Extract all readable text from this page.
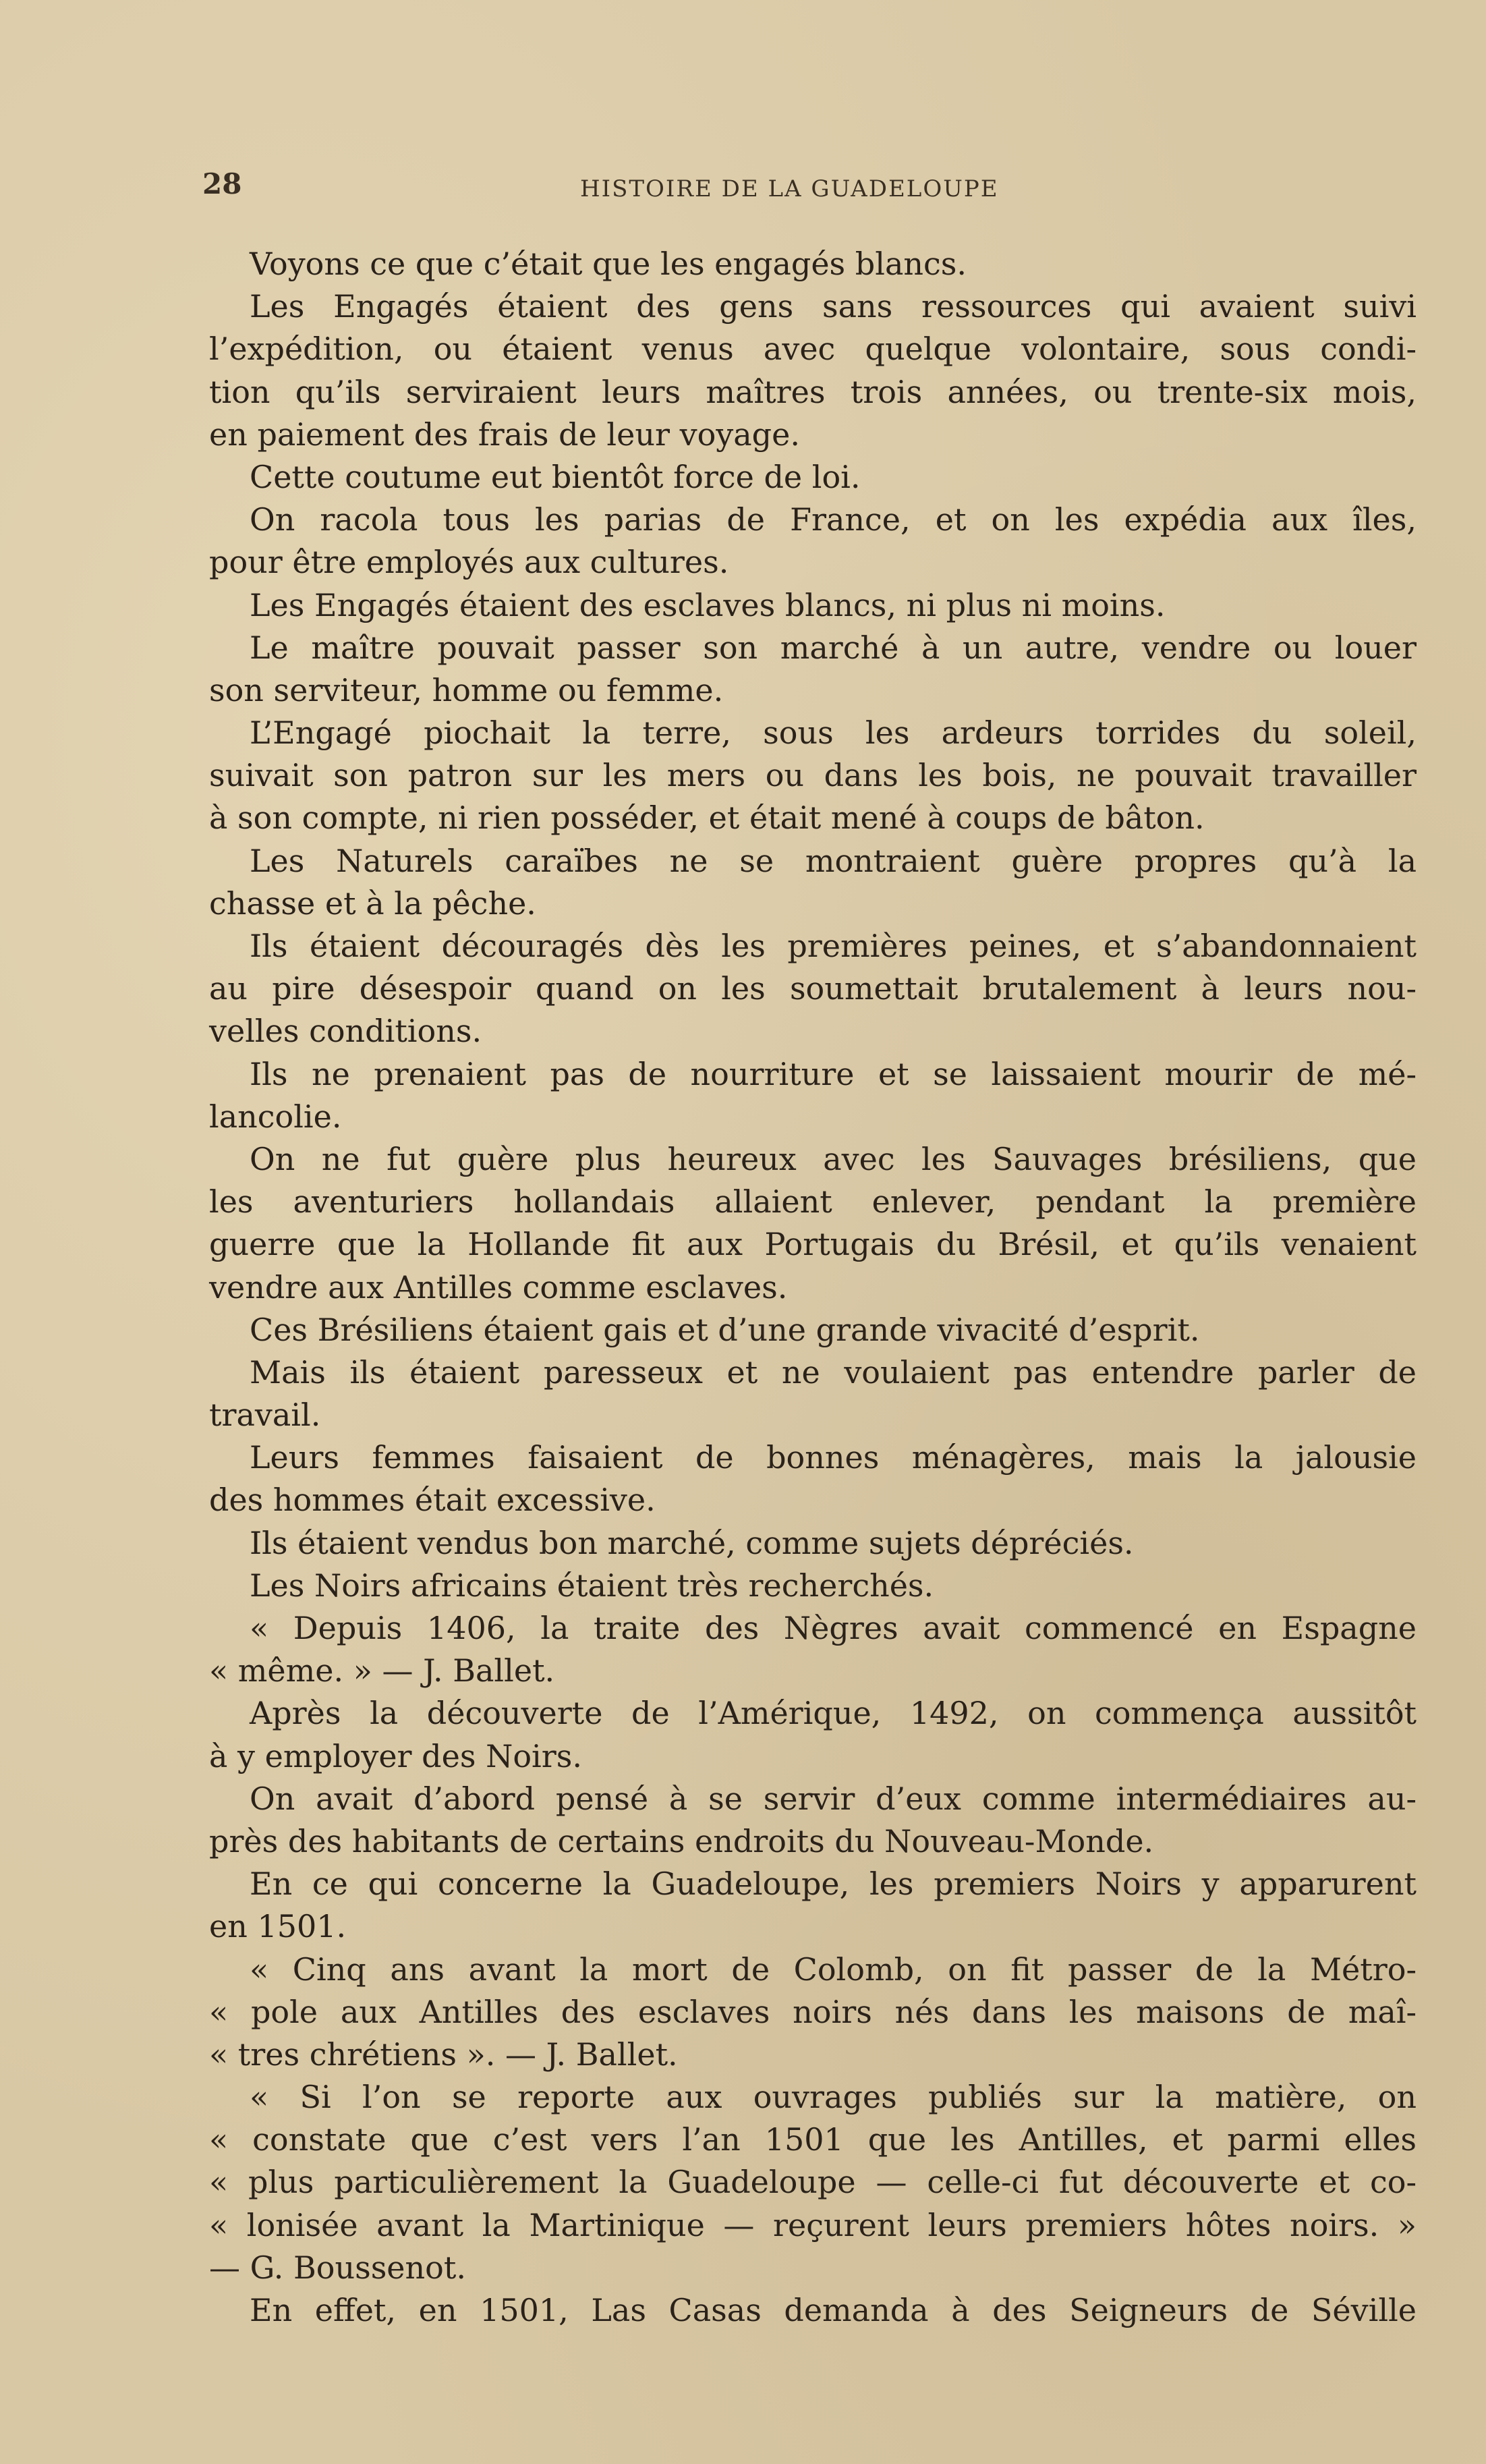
28	HISTOIRE DE LA GUADELOUPE
Voyons ce que c’était que les engagés blancs.
Les Engagés étaient des gens sans ressources qui avaient suivi
l’expédition, ou étaient venus avec quelque volontaire, sous condi-
tion qu’ils serviraient leurs maîtres trois années, ou trente-six mois,
en paiement des frais de leur voyage.
Cette coutume eut bientôt force de loi.
On racola tous les parias de France, et on les expédia aux îles,
pour être employés aux cultures.
Les Engagés étaient des esclaves blancs, ni plus ni moins.
Le maître pouvait passer son marché à un autre, vendre ou louer
son serviteur, homme ou femme.
L’Engagé piochait la terre, sous les ardeurs torrides du soleil,
suivait son patron sur les mers ou dans les bois, ne pouvait travailler
à son compte, ni rien posséder, et était mené à coups de bâton.
Les Naturels caraïbes ne se montraient guère propres qu’à la
chasse et à la pêche.
Ils étaient découragés dès les premières peines, et s’abandonnaient
au pire désespoir quand on les soumettait brutalement à leurs nou-
velles conditions.
Ils ne prenaient pas de nourriture et se laissaient mourir de mé-
lancolie.
On ne fut guère plus heureux avec les Sauvages brésiliens, que
les aventuriers hollandais allaient enlever, pendant la première
guerre que la Hollande fit aux Portugais du Brésil, et qu’ils venaient
vendre aux Antilles comme esclaves.
Ces Brésiliens étaient gais et d’une grande vivacité d’esprit.
Mais ils étaient paresseux et ne voulaient pas entendre parler de
travail.
Leurs femmes faisaient de bonnes ménagères, mais la jalousie
des hommes était excessive.
Ils étaient vendus bon marché, comme sujets dépréciés.
Les Noirs africains étaient très recherchés.
« Depuis 1406, la traite des Nègres avait commencé en Espagne
« même. » — J. Ballet.
Après la découverte de l’Amérique, 1492, on commença aussitôt
à y employer des Noirs.
On avait d’abord pensé à se servir d’eux comme intermédiaires au-
près des habitants de certains endroits du Nouveau-Monde.
En ce qui concerne la Guadeloupe, les premiers Noirs y apparurent
en 1501.
« Cinq ans avant la mort de Colomb, on fit passer de la Métro-
« pole aux Antilles des esclaves noirs nés dans les maisons de maî-
« tres chrétiens ». — J. Ballet.
« Si l’on se reporte aux ouvrages publiés sur la matière, on
« constate que c’est vers l’an 1501 que les Antilles, et parmi elles
« plus particulièrement la Guadeloupe — celle-ci fut découverte et co-
« lonisée avant la Martinique — reçurent leurs premiers hôtes noirs. »
— G. Boussenot.
En effet, en 1501, Las Casas demanda à des Seigneurs de Séville
